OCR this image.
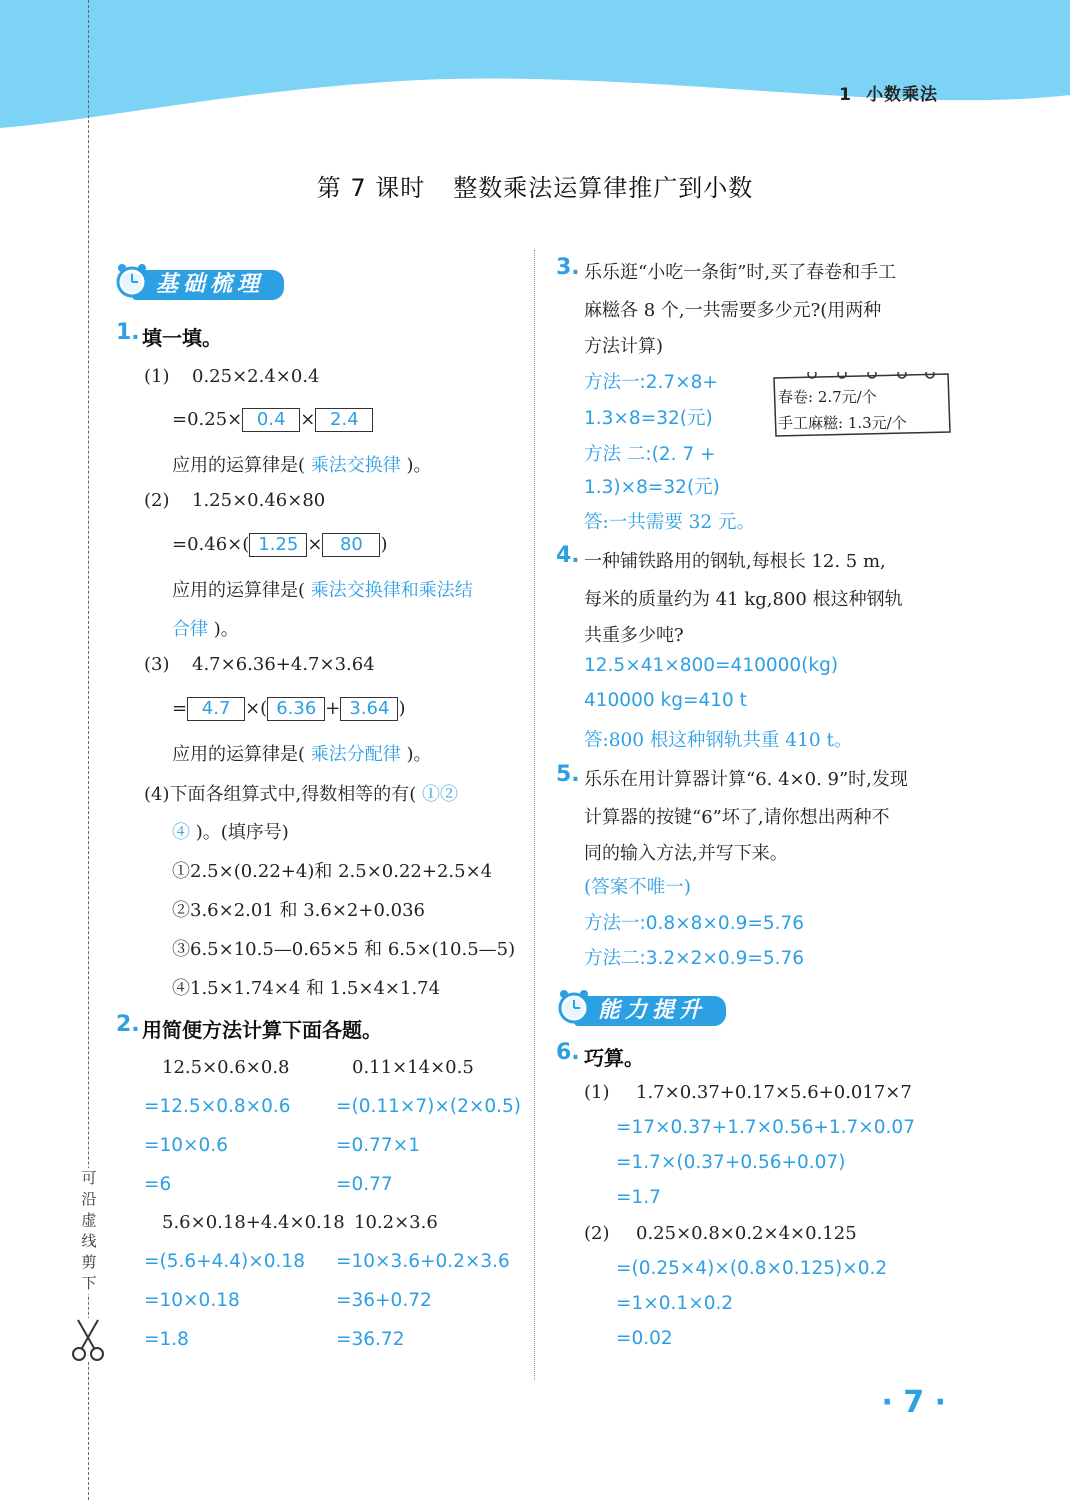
1 小数乘法
可沿虚线剪下
第 7 课时 整数乘法运算律推广到小数
基础梳理
1. 填一填。
(1) 0.25×2.4×0.4
=0.25× 0.4 × 2.4
应用的运算律是( 乘法交换律 )。
(2) 1.25×0.46×80
=0.46×( 1.25 × 80 )
应用的运算律是( 乘法交换律和乘法结
合律 )。
(3) 4.7×6.36+4.7×3.64
= 4.7 ×( 6.36 + 3.64 )
应用的运算律是( 乘法分配律 )。
(4)下面各组算式中,得数相等的有( ①②
④ )。(填序号)
①2.5×(0.22+4)和 2.5×0.22+2.5×4
②3.6×2.01 和 3.6×2+0.036
③6.5×10.5—0.65×5 和 6.5×(10.5—5)
④1.5×1.74×4 和 1.5×4×1.74
2. 用简便方法计算下面各题。
12.5×0.6×0.8
=12.5×0.8×0.6
=10×0.6
=6
0.11×14×0.5
=(0.11×7)×(2×0.5)
=0.77×1
=0.77
5.6×0.18+4.4×0.18
=(5.6+4.4)×0.18
=10×0.18
=1.8
10.2×3.6
=10×3.6+0.2×3.6
=36+0.72
=36.72
3. 乐乐逛“小吃一条街”时,买了春卷和手工
麻糍各 8 个,一共需要多少元?(用两种
方法计算)
方法一:2.7×8+
1.3×8=32(元)
方法 二:(2. 7 +
1.3)×8=32(元)
答:一共需要 32 元。
春卷: 2.7元/个
手工麻糍: 1.3元/个
4. 一种铺铁路用的钢轨,每根长 12. 5 m,
每米的质量约为 41 kg,800 根这种钢轨
共重多少吨?
12.5×41×800=410000(kg)
410000 kg=410 t
答:800 根这种钢轨共重 410 t。
5. 乐乐在用计算器计算“6. 4×0. 9”时,发现
计算器的按键“6”坏了,请你想出两种不
同的输入方法,并写下来。
(答案不唯一)
方法一:0.8×8×0.9=5.76
方法二:3.2×2×0.9=5.76
能力提升
6. 巧算。
(1) 1.7×0.37+0.17×5.6+0.017×7
=17×0.37+1.7×0.56+1.7×0.07
=1.7×(0.37+0.56+0.07)
=1.7
(2) 0.25×0.8×0.2×4×0.125
=(0.25×4)×(0.8×0.125)×0.2
=1×0.1×0.2
=0.02
· 7 ·
